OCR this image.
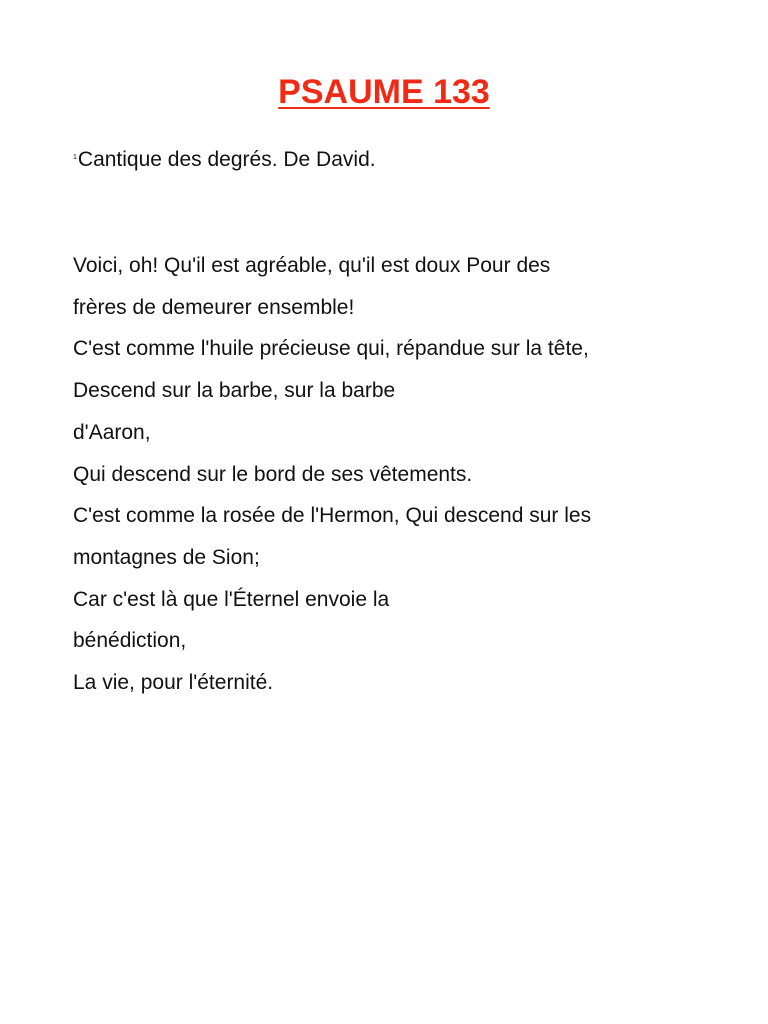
PSAUME 133
$^1$Cantique des degrés. De David.
Voici, oh! Qu'il est agréable, qu'il est doux Pour des
frères de demeurer ensemble!
C'est comme l'huile précieuse qui, répandue sur la tête,
Descend sur la barbe, sur la barbe
d'Aaron,
Qui descend sur le bord de ses vêtements.
C'est comme la rosée de l'Hermon, Qui descend sur les
montagnes de Sion;
Car c'est là que l'Éternel envoie la
bénédiction,
La vie, pour l'éternité.
